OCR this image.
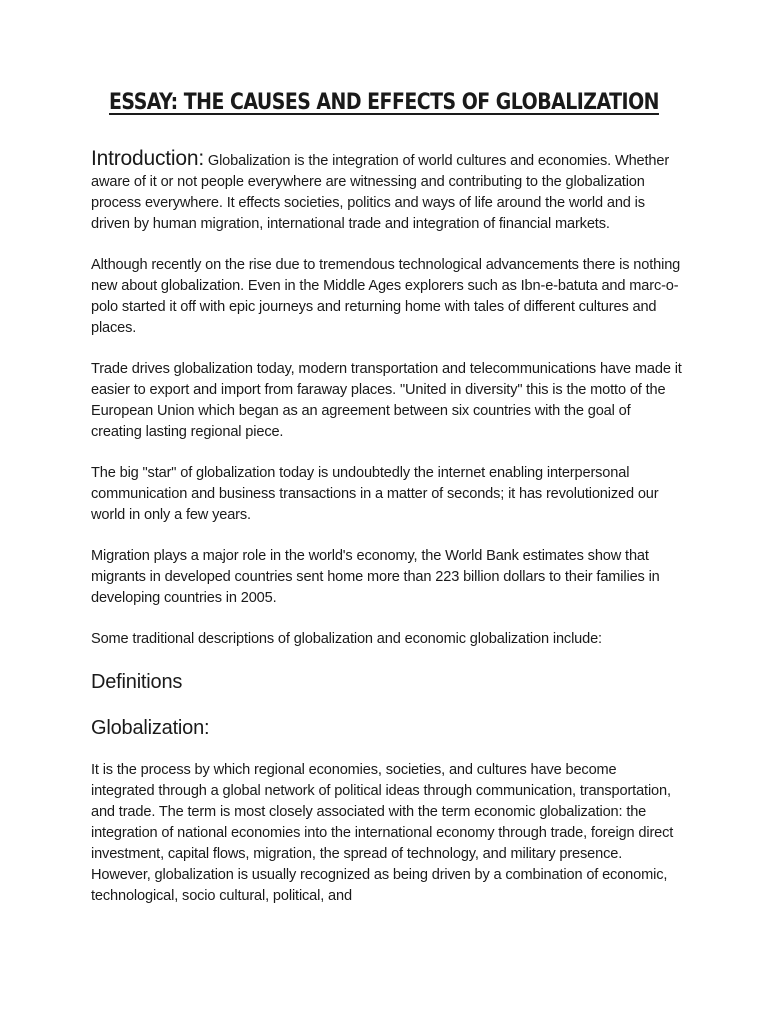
ESSAY: THE CAUSES AND EFFECTS OF GLOBALIZATION

Introduction: Globalization is the integration of world cultures and economies. Whether aware of it or not people everywhere are witnessing and contributing to the globalization process everywhere. It effects societies, politics and ways of life around the world and is driven by human migration, international trade and integration of financial markets.

Although recently on the rise due to tremendous technological advancements there is nothing new about globalization. Even in the Middle Ages explorers such as Ibn-e-batuta and marc-o-polo started it off with epic journeys and returning home with tales of different cultures and places.

Trade drives globalization today, modern transportation and telecommunications have made it easier to export and import from faraway places. "United in diversity" this is the motto of the European Union which began as an agreement between six countries with the goal of creating lasting regional piece.

The big "star" of globalization today is undoubtedly the internet enabling interpersonal communication and business transactions in a matter of seconds; it has revolutionized our world in only a few years.

Migration plays a major role in the world's economy, the World Bank estimates show that migrants in developed countries sent home more than 223 billion dollars to their families in developing countries in 2005.

Some traditional descriptions of globalization and economic globalization include:

Definitions
Globalization:

It is the process by which regional economies, societies, and cultures have become integrated through a global network of political ideas through communication, transportation, and trade. The term is most closely associated with the term economic globalization: the integration of national economies into the international economy through trade, foreign direct investment, capital flows, migration, the spread of technology, and military presence. However, globalization is usually recognized as being driven by a combination of economic, technological, socio cultural, political, and
